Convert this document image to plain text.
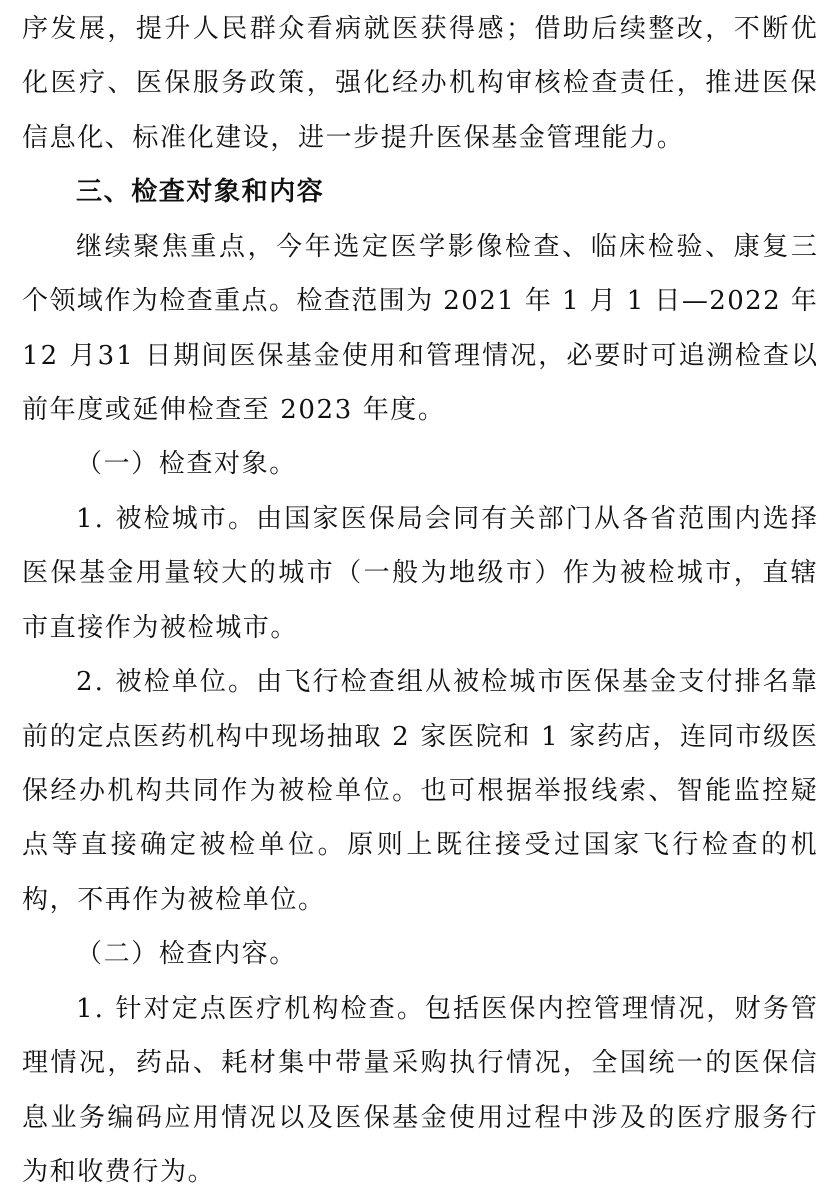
序 发 展 ， 提 升 人 民 群 众 看 病 就 医 获 得 感 ； 借 助 后 续 整 改 ， 不 断 优
化 医 疗 、 医 保 服 务 政 策 ， 强 化 经 办 机 构 审 核 检 查 责 任 ， 推 进 医 保
信息化、标准化建设，进一步提升医保基金管理能力。
三、检查对象和内容
继 续 聚 焦 重 点 ， 今 年 选 定 医 学 影 像 检 查 、 临 床 检 验 、 康 复 三
个 领 域 作 为 检 查 重 点 。 检 查 范 围 为
2 0 2 1
年
1
月
1
日 — 2 0 2 2
年
1 2
月 3 1
日 期 间 医 保 基 金 使 用 和 管 理 情 况 ， 必 要 时 可 追 溯 检 查 以
前年度或延伸检查至 2023 年度。
（一）检查对象。
1 .
被 检 城 市 。 由 国 家 医 保 局 会 同 有 关 部 门 从 各 省 范 围 内 选 择
医 保 基 金 用 量 较 大 的 城 市 （ 一 般 为 地 级 市 ） 作 为 被 检 城 市 ， 直 辖
市直接作为被检城市。
2 .
被 检 单 位 。 由 飞 行 检 查 组 从 被 检 城 市 医 保 基 金 支 付 排 名 靠
前 的 定 点 医 药 机 构 中 现 场 抽 取
2
家 医 院 和
1
家 药 店 ， 连 同 市 级 医
保 经 办 机 构 共 同 作 为 被 检 单 位 。 也 可 根 据 举 报 线 索 、 智 能 监 控 疑
点 等 直 接 确 定 被 检 单 位 。 原 则 上 既 往 接 受 过 国 家 飞 行 检 查 的 机
构，不再作为被检单位。
（二）检查内容。
1 .
针 对 定 点 医 疗 机 构 检 查 。 包 括 医 保 内 控 管 理 情 况 ， 财 务 管
理 情 况 ， 药 品 、 耗 材 集 中 带 量 采 购 执 行 情 况 ， 全 国 统 一 的 医 保 信
息 业 务 编 码 应 用 情 况 以 及 医 保 基 金 使 用 过 程 中 涉 及 的 医 疗 服 务 行
为和收费行为。
